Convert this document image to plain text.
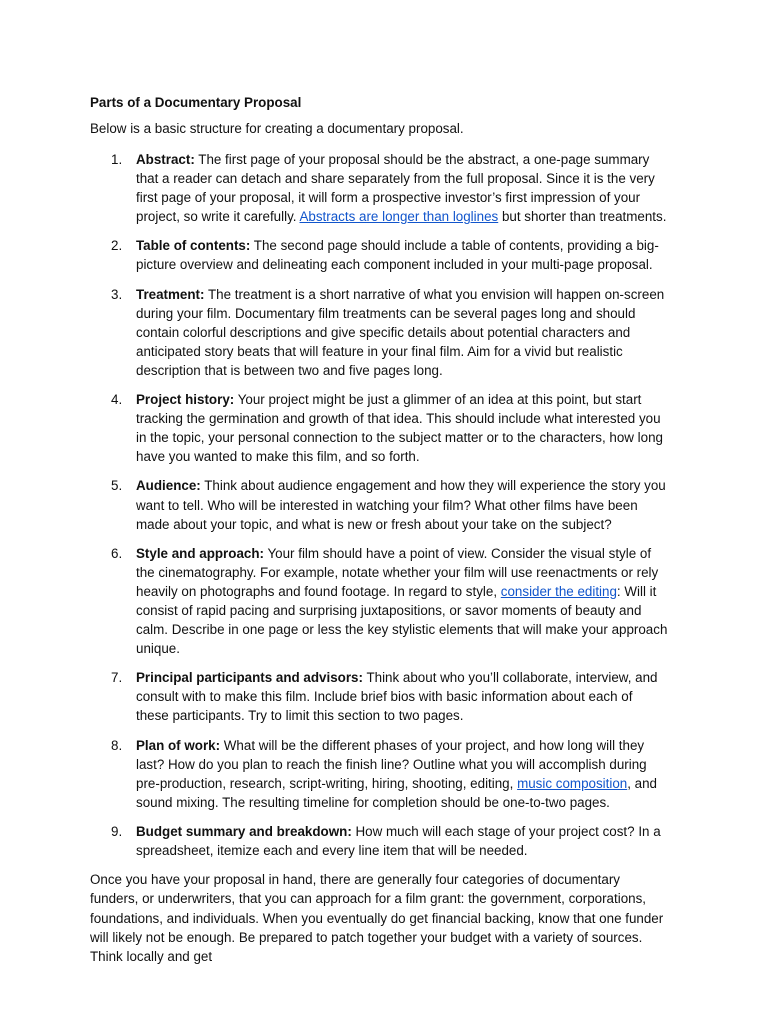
Parts of a Documentary Proposal

Below is a basic structure for creating a documentary proposal.

1. Abstract: The first page of your proposal should be the abstract, a one-page summary that a reader can detach and share separately from the full proposal. Since it is the very first page of your proposal, it will form a prospective investor’s first impression of your project, so write it carefully. Abstracts are longer than loglines but shorter than treatments.
2. Table of contents: The second page should include a table of contents, providing a big-picture overview and delineating each component included in your multi-page proposal.
3. Treatment: The treatment is a short narrative of what you envision will happen on-screen during your film. Documentary film treatments can be several pages long and should contain colorful descriptions and give specific details about potential characters and anticipated story beats that will feature in your final film. Aim for a vivid but realistic description that is between two and five pages long.
4. Project history: Your project might be just a glimmer of an idea at this point, but start tracking the germination and growth of that idea. This should include what interested you in the topic, your personal connection to the subject matter or to the characters, how long have you wanted to make this film, and so forth.
5. Audience: Think about audience engagement and how they will experience the story you want to tell. Who will be interested in watching your film? What other films have been made about your topic, and what is new or fresh about your take on the subject?
6. Style and approach: Your film should have a point of view. Consider the visual style of the cinematography. For example, notate whether your film will use reenactments or rely heavily on photographs and found footage. In regard to style, consider the editing: Will it consist of rapid pacing and surprising juxtapositions, or savor moments of beauty and calm. Describe in one page or less the key stylistic elements that will make your approach unique.
7. Principal participants and advisors: Think about who you’ll collaborate, interview, and consult with to make this film. Include brief bios with basic information about each of these participants. Try to limit this section to two pages.
8. Plan of work: What will be the different phases of your project, and how long will they last? How do you plan to reach the finish line? Outline what you will accomplish during pre-production, research, script-writing, hiring, shooting, editing, music composition, and sound mixing. The resulting timeline for completion should be one-to-two pages.
9. Budget summary and breakdown: How much will each stage of your project cost? In a spreadsheet, itemize each and every line item that will be needed.

Once you have your proposal in hand, there are generally four categories of documentary funders, or underwriters, that you can approach for a film grant: the government, corporations, foundations, and individuals. When you eventually do get financial backing, know that one funder will likely not be enough. Be prepared to patch together your budget with a variety of sources. Think locally and get
